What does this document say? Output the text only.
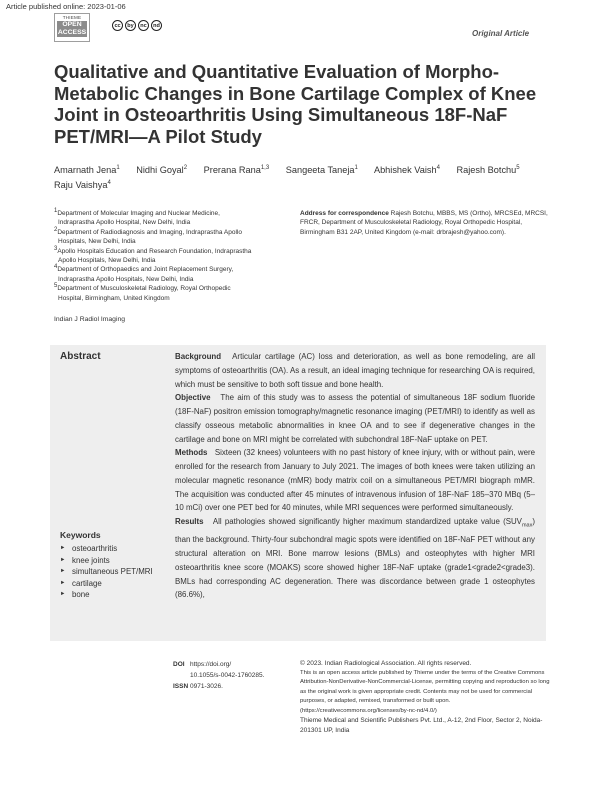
Article published online: 2023-01-06
THIEME
OPEN
ACCESS
cc	by	nc	nd
Original Article
Qualitative and Quantitative Evaluation of Morpho-Metabolic Changes in Bone Cartilage Complex of Knee Joint in Osteoarthritis Using Simultaneous 18F-NaF PET/MRI—A Pilot Study
Amarnath Jena$^1$ Nidhi Goyal$^2$ Prerana Rana$^{1,3}$ Sangeeta Taneja$^1$ Abhishek Vaish$^4$ Rajesh Botchu$^5$
Raju Vaishya$^4$
$^1$Department of Molecular Imaging and Nuclear Medicine,
Indraprastha Apollo Hospital, New Delhi, India
$^2$Department of Radiodiagnosis and Imaging, Indraprastha Apollo
Hospitals, New Delhi, India
$^3$Apollo Hospitals Education and Research Foundation, Indraprastha
Apollo Hospitals, New Delhi, India
$^4$Department of Orthopaedics and Joint Replacement Surgery,
Indraprastha Apollo Hospitals, New Delhi, India
$^5$Department of Musculoskeletal Radiology, Royal Orthopedic
Hospital, Birmingham, United Kingdom
Address for correspondence Rajesh Botchu, MBBS, MS (Ortho), MRCSEd, MRCSI, FRCR, Department of Musculoskeletal Radiology, Royal Orthopedic Hospital, Birmingham B31 2AP, United Kingdom (e-mail: drbrajesh@yahoo.com).
Indian J Radiol Imaging
Abstract	Background Articular cartilage (AC) loss and deterioration, as well as bone remodeling, are all symptoms of osteoarthritis (OA). As a result, an ideal imaging technique for researching OA is required, which must be sensitive to both soft tissue and bone health.
Objective The aim of this study was to assess the potential of simultaneous 18F sodium fluoride (18F-NaF) positron emission tomography/magnetic resonance imaging (PET/MRI) to identify as well as classify osseous metabolic abnormalities in knee OA and to see if degenerative changes in the cartilage and bone on MRI might be correlated with subchondral 18F-NaF uptake on PET.
Methods Sixteen (32 knees) volunteers with no past history of knee injury, with or without pain, were enrolled for the research from January to July 2021. The images of both knees were taken utilizing an molecular magnetic resonance (mMR) body matrix coil on a simultaneous PET/MRI biograph mMR. The acquisition was conducted after 45 minutes of intravenous infusion of 18F-NaF 185–370 MBq (5–10 mCi) over one PET bed for 40 minutes, while MRI sequences were performed simultaneously.
Results All pathologies showed significantly higher maximum standardized uptake value $(SUV_{max})$ than the background. Thirty-four subchondral magic spots were identified on 18F-NaF PET without any structural alteration on MRI. Bone marrow lesions (BMLs) and osteophytes with higher MRI osteoarthritis knee score (MOAKS) score showed higher 18F-NaF uptake (grade1<grade2<grade3). BMLs had corresponding AC degeneration. There was discordance between grade 1 osteophytes (86.6%),
Keywords
► osteoarthritis
► knee joints
► simultaneous PET/MRI
► cartilage
► bone
DOI https://doi.org/
10.1055/s-0042-1760285.
ISSN 0971-3026.
© 2023. Indian Radiological Association. All rights reserved.
This is an open access article published by Thieme under the terms of the Creative Commons Attribution-NonDerivative-NonCommercial-License, permitting copying and reproduction so long as the original work is given appropriate credit. Contents may not be used for commercial purposes, or adapted, remixed, transformed or built upon. (https://creativecommons.org/licenses/by-nc-nd/4.0/)
Thieme Medical and Scientific Publishers Pvt. Ltd., A-12, 2nd Floor, Sector 2, Noida-201301 UP, India
